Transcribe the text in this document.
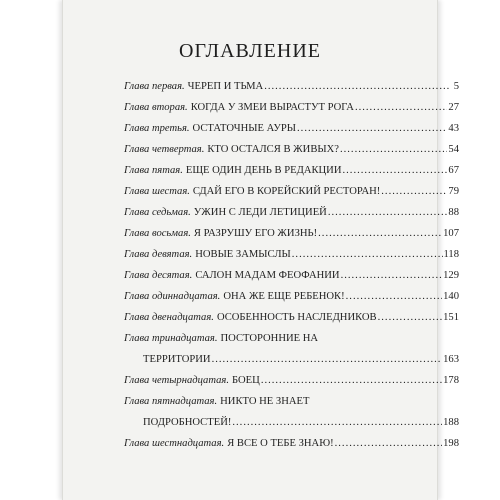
ОГЛАВЛЕНИЕ
Глава первая. ЧЕРЕП И ТЬМА .....	5
Глава вторая. КОГДА У ЗМЕИ ВЫРАСТУТ РОГА .....	27
Глава третья. ОСТАТОЧНЫЕ АУРЫ .....	43
Глава четвертая. КТО ОСТАЛСЯ В ЖИВЫХ? .....	54
Глава пятая. ЕЩЕ ОДИН ДЕНЬ В РЕДАКЦИИ .....	67
Глава шестая. СДАЙ ЕГО В КОРЕЙСКИЙ РЕСТОРАН! .....	79
Глава седьмая. УЖИН С ЛЕДИ ЛЕТИЦИЕЙ .....	88
Глава восьмая. Я РАЗРУШУ ЕГО ЖИЗНЬ! .....	107
Глава девятая. НОВЫЕ ЗАМЫСЛЫ .....	118
Глава десятая. САЛОН МАДАМ ФЕОФАНИИ .....	129
Глава одиннадцатая. ОНА ЖЕ ЕЩЕ РЕБЕНОК! .....	140
Глава двенадцатая. ОСОБЕННОСТЬ НАСЛЕДНИКОВ .....	151
Глава тринадцатая. ПОСТОРОННИЕ НА
ТЕРРИТОРИИ .....	163
Глава четырнадцатая. БОЕЦ .....	178
Глава пятнадцатая. НИКТО НЕ ЗНАЕТ
ПОДРОБНОСТЕЙ! .....	188
Глава шестнадцатая. Я ВСЕ О ТЕБЕ ЗНАЮ! .....	198
